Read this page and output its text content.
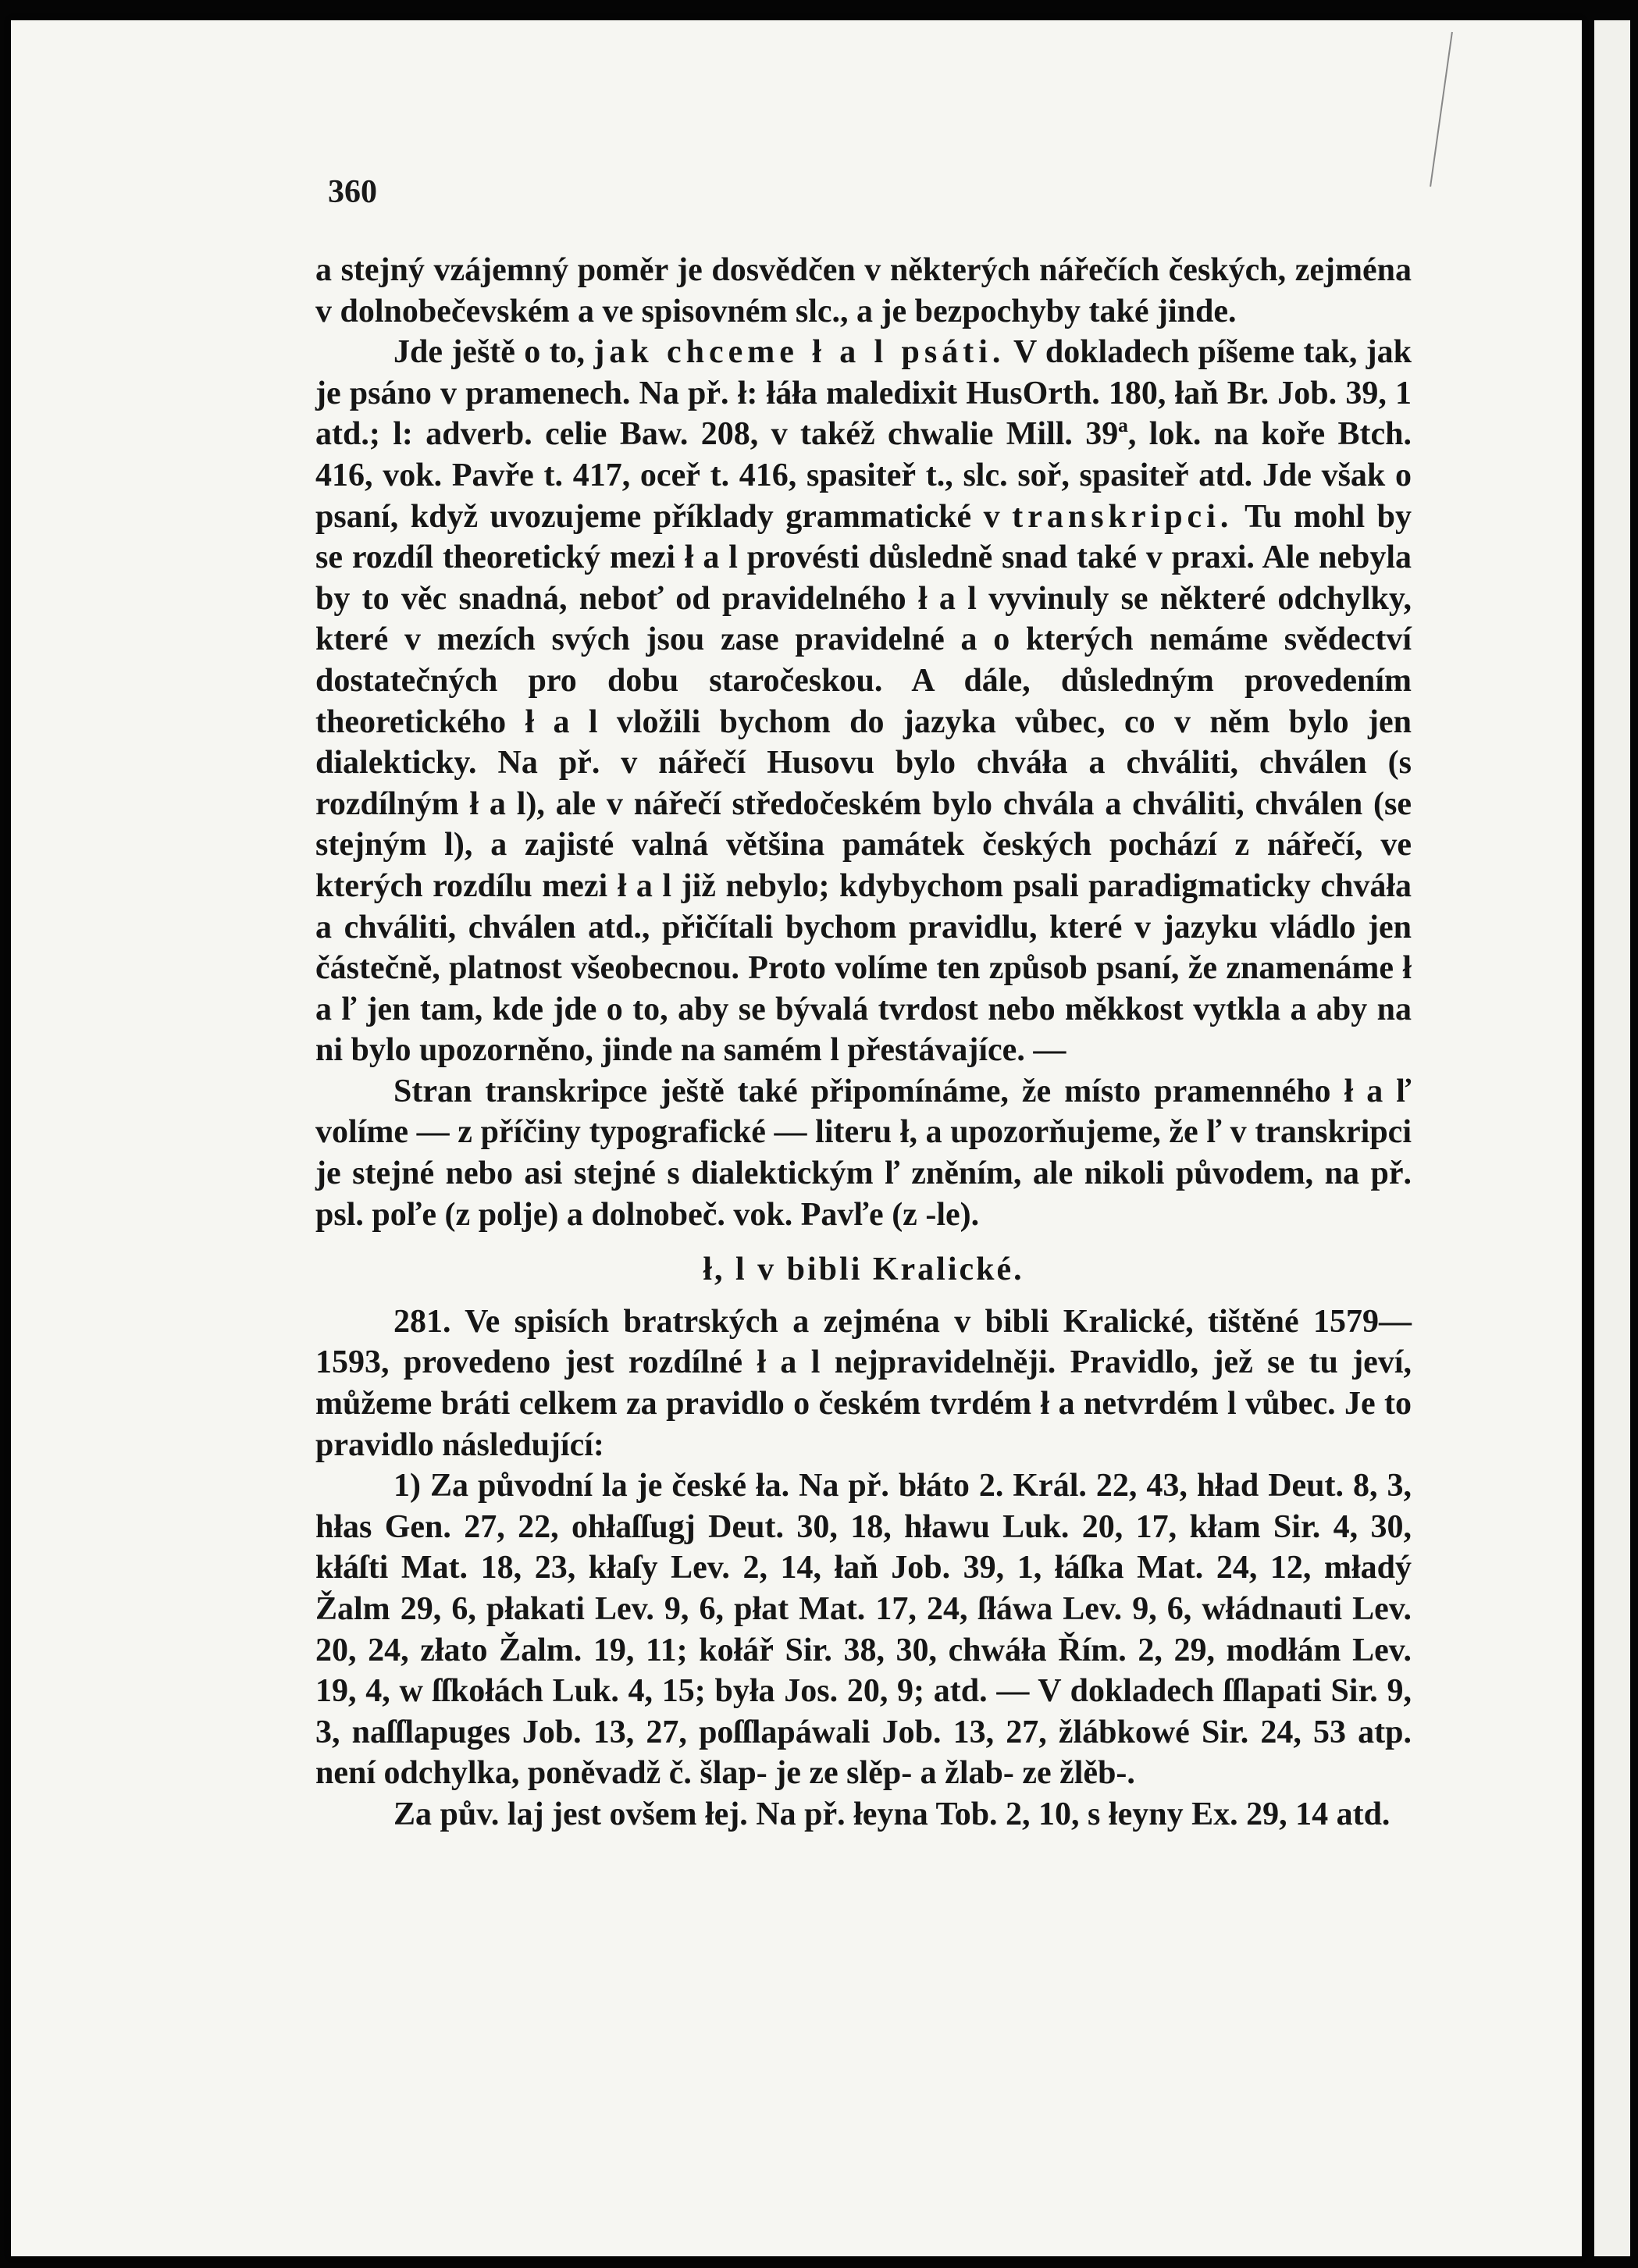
360

a stejný vzájemný poměr je dosvědčen v některých nářečích českých, zejména v dolnobečevském a ve spisovném slc., a je bezpochyby také jinde.

Jde ještě o to, jak chceme ł a l psáti. V dokladech píšeme tak, jak je psáno v pramenech. Na př. ł: łáła maledixit HusOrth. 180, łaň Br. Job. 39, 1 atd.; l: adverb. celie Baw. 208, v takéž chwalie Mill. 39ª, lok. na koře Btch. 416, vok. Pavře t. 417, oceř t. 416, spasiteř t., slc. soř, spasiteř atd. Jde však o psaní, když uvozujeme příklady grammatické v transkripci. Tu mohl by se rozdíl theoretický mezi ł a l provésti důsledně snad také v praxi. Ale nebyla by to věc snadná, neboť od pravidelného ł a l vyvinuly se některé odchylky, které v mezích svých jsou zase pravidelné a o kterých nemáme svědectví dostatečných pro dobu staročeskou. A dále, důsledným provedením theoretického ł a l vložili bychom do jazyka vůbec, co v něm bylo jen dialekticky. Na př. v nářečí Husovu bylo chváła a chváliti, chválen (s rozdílným ł a l), ale v nářečí středočeském bylo chvála a chváliti, chválen (se stejným l), a zajisté valná většina památek českých pochází z nářečí, ve kterých rozdílu mezi ł a l již nebylo; kdybychom psali paradigmaticky chváła a chváliti, chválen atd., přičítali bychom pravidlu, které v jazyku vládlo jen částečně, platnost všeobecnou. Proto volíme ten způsob psaní, že znamenáme ł a ľ jen tam, kde jde o to, aby se bývalá tvrdost nebo měkkost vytkla a aby na ni bylo upozorněno, jinde na samém l přestávajíce. —

Stran transkripce ještě také připomínáme, že místo pramenného ł a ľ volíme — z příčiny typografické — literu ł, a upozorňujeme, že ľ v transkripci je stejné nebo asi stejné s dialektickým ľ zněním, ale nikoli původem, na př. psl. poľe (z polje) a dolnobeč. vok. Pavľe (z -le).

ł, l v bibli Kralické.

281. Ve spisích bratrských a zejména v bibli Kralické, tištěné 1579—1593, provedeno jest rozdílné ł a l nejpravidelněji. Pravidlo, jež se tu jeví, můžeme bráti celkem za pravidlo o českém tvrdém ł a netvrdém l vůbec. Je to pravidlo následující:

1) Za původní la je české ła. Na př. błáto 2. Král. 22, 43, hład Deut. 8, 3, hłas Gen. 27, 22, ohłaſſugj Deut. 30, 18, hławu Luk. 20, 17, kłam Sir. 4, 30, kłáſti Mat. 18, 23, kłaſy Lev. 2, 14, łaň Job. 39, 1, łáſka Mat. 24, 12, mładý Žalm 29, 6, płakati Lev. 9, 6, płat Mat. 17, 24, ſłáwa Lev. 9, 6, włádnauti Lev. 20, 24, złato Žalm. 19, 11; kołář Sir. 38, 30, chwáła Řím. 2, 29, modłám Lev. 19, 4, w ſſkołách Luk. 4, 15; była Jos. 20, 9; atd. — V dokladech ſſlapati Sir. 9, 3, naſſlapuges Job. 13, 27, poſſlapáwali Job. 13, 27, žlábkowé Sir. 24, 53 atp. není odchylka, poněvadž č. šlap- je ze slěp- a žlab- ze žlěb-.

Za pův. laj jest ovšem łej. Na př. łeyna Tob. 2, 10, s łeyny Ex. 29, 14 atd.
